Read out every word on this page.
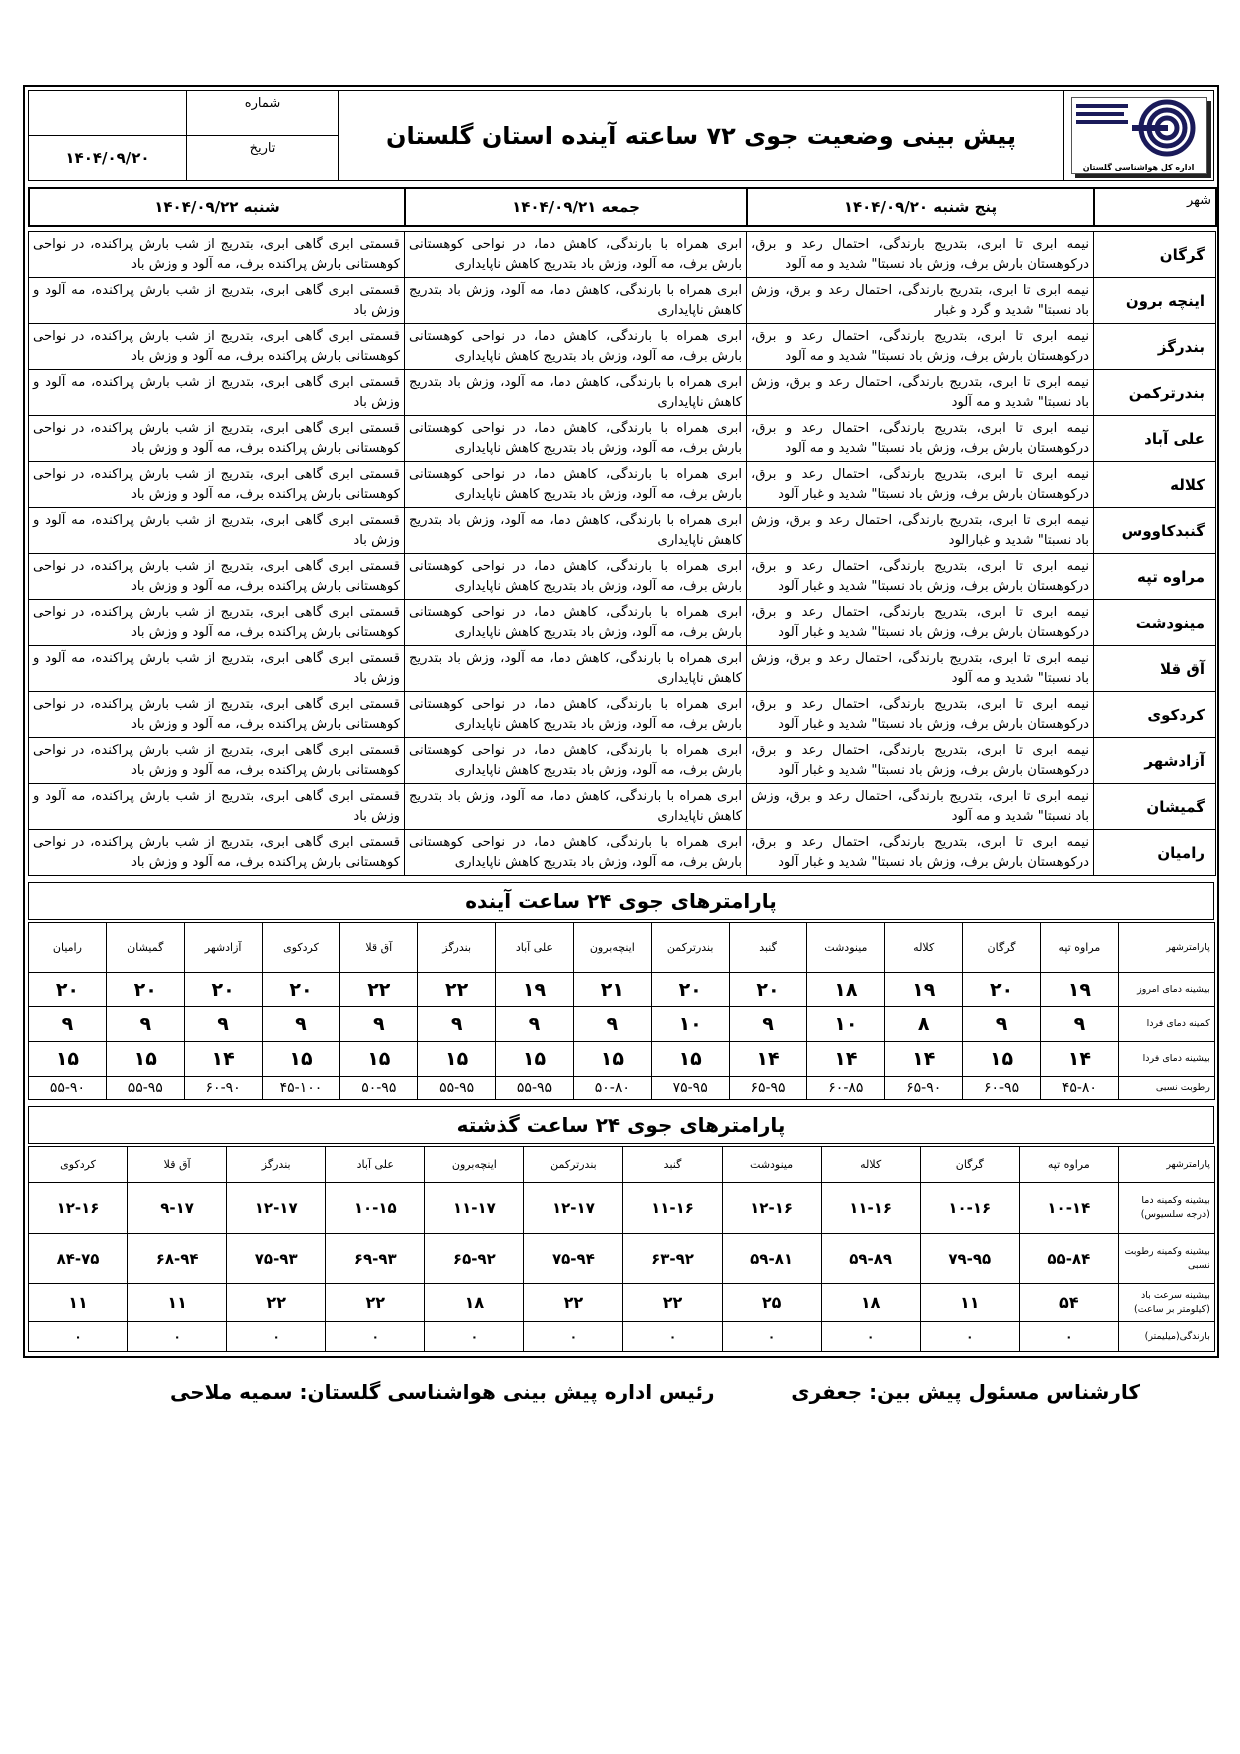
	شماره	پیش بینی وضعیت جوی ۷۲ ساعته آینده استان گلستان	اداره کل هواشناسی گلستان

۱۴۰۴/۰۹/۲۰	تاریخ		
شنبه ۱۴۰۴/۰۹/۲۲	جمعه ۱۴۰۴/۰۹/۲۱	پنج شنبه ۱۴۰۴/۰۹/۲۰	شهر
قسمتی ابری گاهی ابری، بتدریج از شب بارش پراکنده، در نواحی کوهستانی بارش پراکنده برف، مه آلود و وزش باد	ابری همراه با بارندگی، کاهش دما، در نواحی کوهستانی بارش برف، مه آلود، وزش باد بتدریج کاهش ناپایداری	نیمه ابری تا ابری، بتدریج بارندگی، احتمال رعد و برق، درکوهستان بارش برف، وزش باد نسبتا" شدید و مه آلود	گرگان
قسمتی ابری گاهی ابری، بتدریج از شب بارش پراکنده، مه آلود و وزش باد	ابری همراه با بارندگی، کاهش دما، مه آلود، وزش باد بتدریج کاهش ناپایداری	نیمه ابری تا ابری، بتدریج بارندگی، احتمال رعد و برق، وزش باد نسبتا" شدید و گرد و غبار	اینچه برون
قسمتی ابری گاهی ابری، بتدریج از شب بارش پراکنده، در نواحی کوهستانی بارش پراکنده برف، مه آلود و وزش باد	ابری همراه با بارندگی، کاهش دما، در نواحی کوهستانی بارش برف، مه آلود، وزش باد بتدریج کاهش ناپایداری	نیمه ابری تا ابری، بتدریج بارندگی، احتمال رعد و برق، درکوهستان بارش برف، وزش باد نسبتا" شدید و مه آلود	بندرگز
قسمتی ابری گاهی ابری، بتدریج از شب بارش پراکنده، مه آلود و وزش باد	ابری همراه با بارندگی، کاهش دما، مه آلود، وزش باد بتدریج کاهش ناپایداری	نیمه ابری تا ابری، بتدریج بارندگی، احتمال رعد و برق، وزش باد نسبتا" شدید و مه آلود	بندرترکمن
قسمتی ابری گاهی ابری، بتدریج از شب بارش پراکنده، در نواحی کوهستانی بارش پراکنده برف، مه آلود و وزش باد	ابری همراه با بارندگی، کاهش دما، در نواحی کوهستانی بارش برف، مه آلود، وزش باد بتدریج کاهش ناپایداری	نیمه ابری تا ابری، بتدریج بارندگی، احتمال رعد و برق، درکوهستان بارش برف، وزش باد نسبتا" شدید و مه آلود	علی آباد
قسمتی ابری گاهی ابری، بتدریج از شب بارش پراکنده، در نواحی کوهستانی بارش پراکنده برف، مه آلود و وزش باد	ابری همراه با بارندگی، کاهش دما، در نواحی کوهستانی بارش برف، مه آلود، وزش باد بتدریج کاهش ناپایداری	نیمه ابری تا ابری، بتدریج بارندگی، احتمال رعد و برق، درکوهستان بارش برف، وزش باد نسبتا" شدید و غبار آلود	کلاله
قسمتی ابری گاهی ابری، بتدریج از شب بارش پراکنده، مه آلود و وزش باد	ابری همراه با بارندگی، کاهش دما، مه آلود، وزش باد بتدریج کاهش ناپایداری	نیمه ابری تا ابری، بتدریج بارندگی، احتمال رعد و برق، وزش باد نسبتا" شدید و غبارالود	گنبدکاووس
قسمتی ابری گاهی ابری، بتدریج از شب بارش پراکنده، در نواحی کوهستانی بارش پراکنده برف، مه آلود و وزش باد	ابری همراه با بارندگی، کاهش دما، در نواحی کوهستانی بارش برف، مه آلود، وزش باد بتدریج کاهش ناپایداری	نیمه ابری تا ابری، بتدریج بارندگی، احتمال رعد و برق، درکوهستان بارش برف، وزش باد نسبتا" شدید و غبار آلود	مراوه تپه
قسمتی ابری گاهی ابری، بتدریج از شب بارش پراکنده، در نواحی کوهستانی بارش پراکنده برف، مه آلود و وزش باد	ابری همراه با بارندگی، کاهش دما، در نواحی کوهستانی بارش برف، مه آلود، وزش باد بتدریج کاهش ناپایداری	نیمه ابری تا ابری، بتدریج بارندگی، احتمال رعد و برق، درکوهستان بارش برف، وزش باد نسبتا" شدید و غبار آلود	مینودشت
قسمتی ابری گاهی ابری، بتدریج از شب بارش پراکنده، مه آلود و وزش باد	ابری همراه با بارندگی، کاهش دما، مه آلود، وزش باد بتدریج کاهش ناپایداری	نیمه ابری تا ابری، بتدریج بارندگی، احتمال رعد و برق، وزش باد نسبتا" شدید و مه آلود	آق قلا
قسمتی ابری گاهی ابری، بتدریج از شب بارش پراکنده، در نواحی کوهستانی بارش پراکنده برف، مه آلود و وزش باد	ابری همراه با بارندگی، کاهش دما، در نواحی کوهستانی بارش برف، مه آلود، وزش باد بتدریج کاهش ناپایداری	نیمه ابری تا ابری، بتدریج بارندگی، احتمال رعد و برق، درکوهستان بارش برف، وزش باد نسبتا" شدید و غبار آلود	کردکوی
قسمتی ابری گاهی ابری، بتدریج از شب بارش پراکنده، در نواحی کوهستانی بارش پراکنده برف، مه آلود و وزش باد	ابری همراه با بارندگی، کاهش دما، در نواحی کوهستانی بارش برف، مه آلود، وزش باد بتدریج کاهش ناپایداری	نیمه ابری تا ابری، بتدریج بارندگی، احتمال رعد و برق، درکوهستان بارش برف، وزش باد نسبتا" شدید و غبار آلود	آزادشهر
قسمتی ابری گاهی ابری، بتدریج از شب بارش پراکنده، مه آلود و وزش باد	ابری همراه با بارندگی، کاهش دما، مه آلود، وزش باد بتدریج کاهش ناپایداری	نیمه ابری تا ابری، بتدریج بارندگی، احتمال رعد و برق، وزش باد نسبتا" شدید و مه آلود	گمیشان
قسمتی ابری گاهی ابری، بتدریج از شب بارش پراکنده، در نواحی کوهستانی بارش پراکنده برف، مه آلود و وزش باد	ابری همراه با بارندگی، کاهش دما، در نواحی کوهستانی بارش برف، مه آلود، وزش باد بتدریج کاهش ناپایداری	نیمه ابری تا ابری، بتدریج بارندگی، احتمال رعد و برق، درکوهستان بارش برف، وزش باد نسبتا" شدید و غبار آلود	رامیان
پارامترهای جوی ۲۴ ساعت آینده
رامیان	گمیشان	آزادشهر	کردکوی	آق قلا	بندرگز	علی آباد	اینچه‌برون	بندرترکمن	گنبد	مینودشت	کلاله	گرگان	مراوه تپه	پارامترشهر
۲۰	۲۰	۲۰	۲۰	۲۲	۲۲	۱۹	۲۱	۲۰	۲۰	۱۸	۱۹	۲۰	۱۹	بیشینه دمای امروز
۹	۹	۹	۹	۹	۹	۹	۹	۱۰	۹	۱۰	۸	۹	۹	کمینه دمای فردا
۱۵	۱۵	۱۴	۱۵	۱۵	۱۵	۱۵	۱۵	۱۵	۱۴	۱۴	۱۴	۱۵	۱۴	بیشینه دمای فردا
۵۵-۹۰	۵۵-۹۵	۶۰-۹۰	۴۵-۱۰۰	۵۰-۹۵	۵۵-۹۵	۵۵-۹۵	۵۰-۸۰	۷۵-۹۵	۶۵-۹۵	۶۰-۸۵	۶۵-۹۰	۶۰-۹۵	۴۵-۸۰	رطوبت نسبی
پارامترهای جوی ۲۴ ساعت گذشته
کردکوی	آق قلا	بندرگز	علی آباد	اینچه‌برون	بندرترکمن	گنبد	مینودشت	کلاله	گرگان	مراوه تپه	پارامترشهر
۱۲-۱۶	۹-۱۷	۱۲-۱۷	۱۰-۱۵	۱۱-۱۷	۱۲-۱۷	۱۱-۱۶	۱۲-۱۶	۱۱-۱۶	۱۰-۱۶	۱۰-۱۴	بیشینه وکمینه دما (درجه سلسیوس)
۸۴-۷۵	۶۸-۹۴	۷۵-۹۳	۶۹-۹۳	۶۵-۹۲	۷۵-۹۴	۶۳-۹۲	۵۹-۸۱	۵۹-۸۹	۷۹-۹۵	۵۵-۸۴	بیشینه وکمینه رطوبت نسبی
۱۱	۱۱	۲۲	۲۲	۱۸	۲۲	۲۲	۲۵	۱۸	۱۱	۵۴	بیشینه سرعت باد (کیلومتر بر ساعت)
۰	۰	۰	۰	۰	۰	۰	۰	۰	۰	۰	بارندگی(میلیمتر)
کارشناس مسئول پیش بین: جعفری
رئیس اداره پیش بینی هواشناسی گلستان: سمیه ملاحی
